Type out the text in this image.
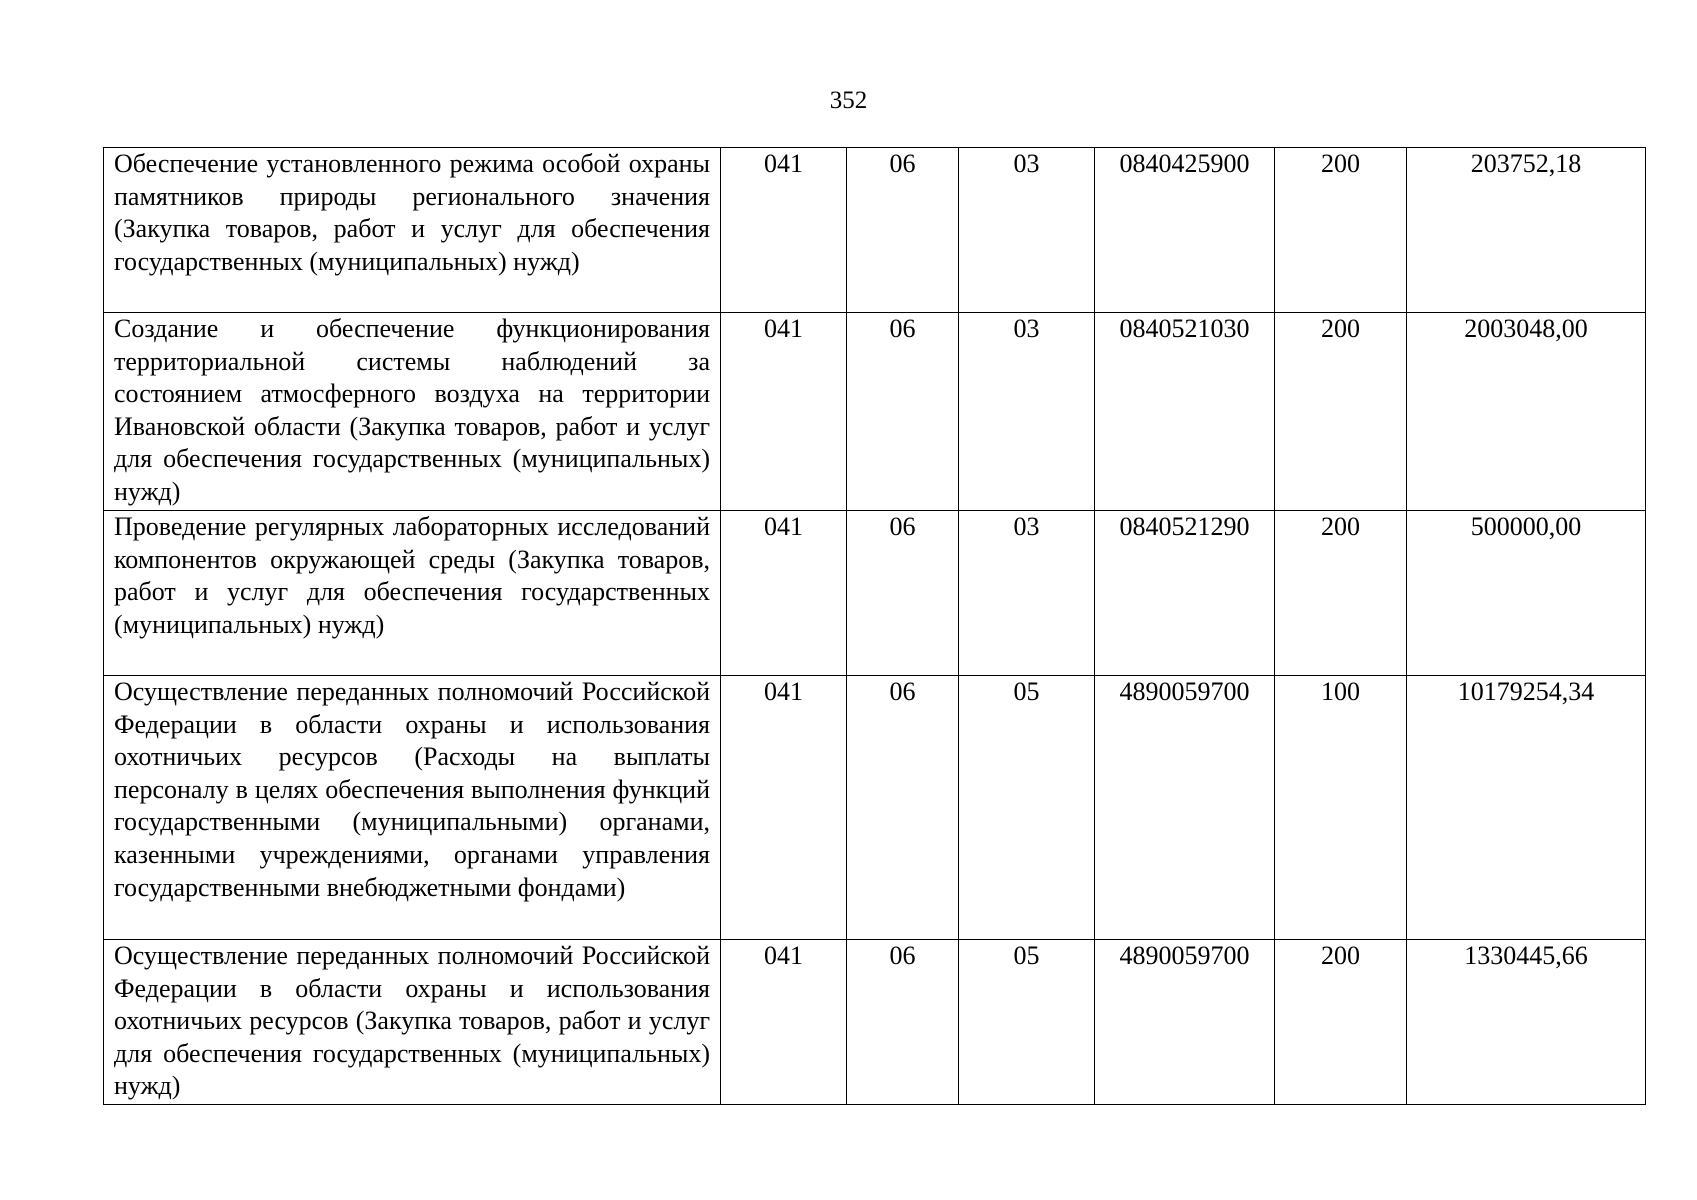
352
Обеспечение установленного режима особой охраны памятников природы регионального значения (Закупка товаров, работ и услуг для обеспечения государственных (муниципальных) нужд)	041	06	03	0840425900	200	203752,18
Создание и обеспечение функционирования территориальной системы наблюдений за состоянием атмосферного воздуха на территории Ивановской области (Закупка товаров, работ и услуг для обеспечения государственных (муниципальных) нужд)	041	06	03	0840521030	200	2003048,00
Проведение регулярных лабораторных исследований компонентов окружающей среды (Закупка товаров, работ и услуг для обеспечения государственных (муниципальных) нужд)	041	06	03	0840521290	200	500000,00
Осуществление переданных полномочий Российской Федерации в области охраны и использования охотничьих ресурсов (Расходы на выплаты персоналу в целях обеспечения выполнения функций государственными (муниципальными) органами, казенными учреждениями, органами управления государственными внебюджетными фондами)	041	06	05	4890059700	100	10179254,34
Осуществление переданных полномочий Российской Федерации в области охраны и использования охотничьих ресурсов (Закупка товаров, работ и услуг для обеспечения государственных (муниципальных) нужд)	041	06	05	4890059700	200	1330445,66
